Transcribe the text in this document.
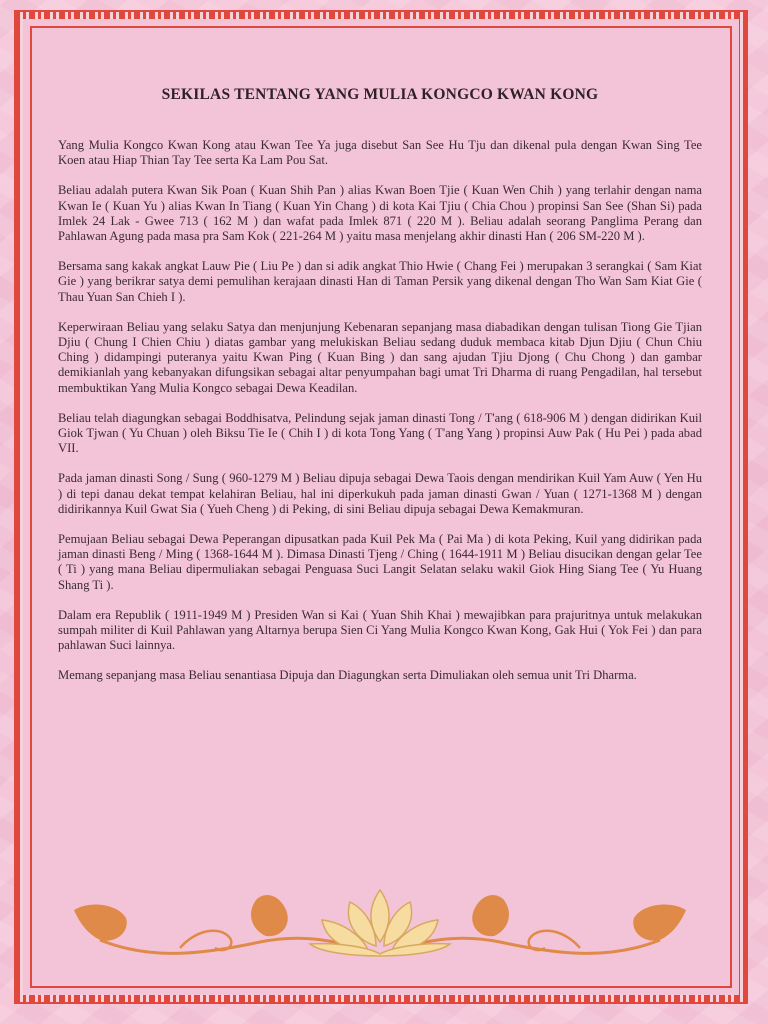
SEKILAS TENTANG YANG MULIA KONGCO KWAN KONG

Yang Mulia Kongco Kwan Kong atau Kwan Tee Ya juga disebut San See Hu Tju dan dikenal pula dengan Kwan Sing Tee Koen atau Hiap Thian Tay Tee serta Ka Lam Pou Sat.

Beliau adalah putera Kwan Sik Poan ( Kuan Shih Pan ) alias Kwan Boen Tjie ( Kuan Wen Chih ) yang terlahir dengan nama Kwan Ie ( Kuan Yu ) alias Kwan In Tiang ( Kuan Yin Chang ) di kota Kai Tjiu ( Chia Chou ) propinsi San See (Shan Si) pada Imlek 24 Lak - Gwee 713 ( 162 M ) dan wafat pada Imlek 871 ( 220 M ). Beliau adalah seorang Panglima Perang dan Pahlawan Agung pada masa pra Sam Kok ( 221-264 M ) yaitu masa menjelang akhir dinasti Han ( 206 SM-220 M ).

Bersama sang kakak angkat Lauw Pie ( Liu Pe ) dan si adik angkat Thio Hwie ( Chang Fei ) merupakan 3 serangkai ( Sam Kiat Gie ) yang berikrar satya demi pemulihan kerajaan dinasti Han di Taman Persik yang dikenal dengan Tho Wan Sam Kiat Gie ( Thau Yuan San Chieh I ).

Keperwiraan Beliau yang selaku Satya dan menjunjung Kebenaran sepanjang masa diabadikan dengan tulisan Tiong Gie Tjian Djiu ( Chung I Chien Chiu ) diatas gambar yang melukiskan Beliau sedang duduk membaca kitab Djun Djiu ( Chun Chiu Ching ) didampingi puteranya yaitu Kwan Ping ( Kuan Bing ) dan sang ajudan Tjiu Djong ( Chu Chong ) dan gambar demikianlah yang kebanyakan difungsikan sebagai altar penyumpahan bagi umat Tri Dharma di ruang Pengadilan, hal tersebut membuktikan Yang Mulia Kongco sebagai Dewa Keadilan.

Beliau telah diagungkan sebagai Boddhisatva, Pelindung sejak jaman dinasti Tong / T'ang ( 618-906 M ) dengan didirikan Kuil Giok Tjwan ( Yu Chuan ) oleh Biksu Tie Ie ( Chih I ) di kota Tong Yang ( T'ang Yang ) propinsi Auw Pak ( Hu Pei ) pada abad VII.

Pada jaman dinasti Song / Sung ( 960-1279 M ) Beliau dipuja sebagai Dewa Taois dengan mendirikan Kuil Yam Auw ( Yen Hu ) di tepi danau dekat tempat kelahiran Beliau, hal ini diperkukuh pada jaman dinasti Gwan / Yuan ( 1271-1368 M ) dengan didirikannya Kuil Gwat Sia ( Yueh Cheng ) di Peking, di sini Beliau dipuja sebagai Dewa Kemakmuran.

Pemujaan Beliau sebagai Dewa Peperangan dipusatkan pada Kuil Pek Ma ( Pai Ma ) di kota Peking, Kuil yang didirikan pada jaman dinasti Beng / Ming ( 1368-1644 M ). Dimasa Dinasti Tjeng / Ching ( 1644-1911 M ) Beliau disucikan dengan gelar Tee ( Ti ) yang mana Beliau dipermuliakan sebagai Penguasa Suci Langit Selatan selaku wakil Giok Hing Siang Tee ( Yu Huang Shang Ti ).

Dalam era Republik ( 1911-1949 M ) Presiden Wan si Kai ( Yuan Shih Khai ) mewajibkan para prajuritnya untuk melakukan sumpah militer di Kuil Pahlawan yang Altarnya berupa Sien Ci Yang Mulia Kongco Kwan Kong, Gak Hui ( Yok Fei ) dan para pahlawan Suci lainnya.

Memang sepanjang masa Beliau senantiasa Dipuja dan Diagungkan serta Dimuliakan oleh semua unit Tri Dharma.
